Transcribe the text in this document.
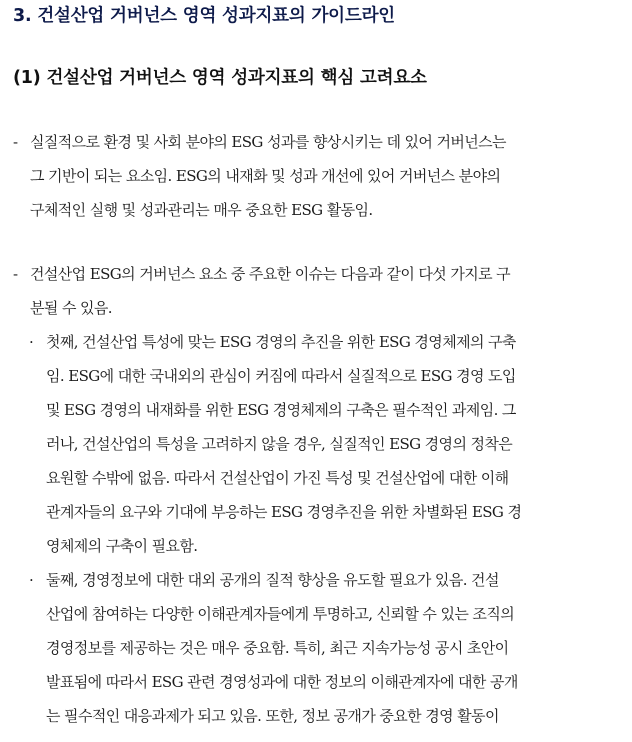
3. 건설산업 거버넌스 영역 성과지표의 가이드라인
(1) 건설산업 거버넌스 영역 성과지표의 핵심 고려요소
- 실질적으로 환경 및 사회 분야의 ESG 성과를 향상시키는 데 있어 거버넌스는
그 기반이 되는 요소임. ESG의 내재화 및 성과 개선에 있어 거버넌스 분야의
구체적인 실행 및 성과관리는 매우 중요한 ESG 활동임.
- 건설산업 ESG의 거버넌스 요소 중 주요한 이슈는 다음과 같이 다섯 가지로 구
분될 수 있음.
· 첫째, 건설산업 특성에 맞는 ESG 경영의 추진을 위한 ESG 경영체제의 구축
임. ESG에 대한 국내외의 관심이 커짐에 따라서 실질적으로 ESG 경영 도입
및 ESG 경영의 내재화를 위한 ESG 경영체제의 구축은 필수적인 과제임. 그
러나, 건설산업의 특성을 고려하지 않을 경우, 실질적인 ESG 경영의 정착은
요원할 수밖에 없음. 따라서 건설산업이 가진 특성 및 건설산업에 대한 이해
관계자들의 요구와 기대에 부응하는 ESG 경영추진을 위한 차별화된 ESG 경
영체제의 구축이 필요함.
· 둘째, 경영정보에 대한 대외 공개의 질적 향상을 유도할 필요가 있음. 건설
산업에 참여하는 다양한 이해관계자들에게 투명하고, 신뢰할 수 있는 조직의
경영정보를 제공하는 것은 매우 중요함. 특히, 최근 지속가능성 공시 초안이
발표됨에 따라서 ESG 관련 경영성과에 대한 정보의 이해관계자에 대한 공개
는 필수적인 대응과제가 되고 있음. 또한, 정보 공개가 중요한 경영 활동이
